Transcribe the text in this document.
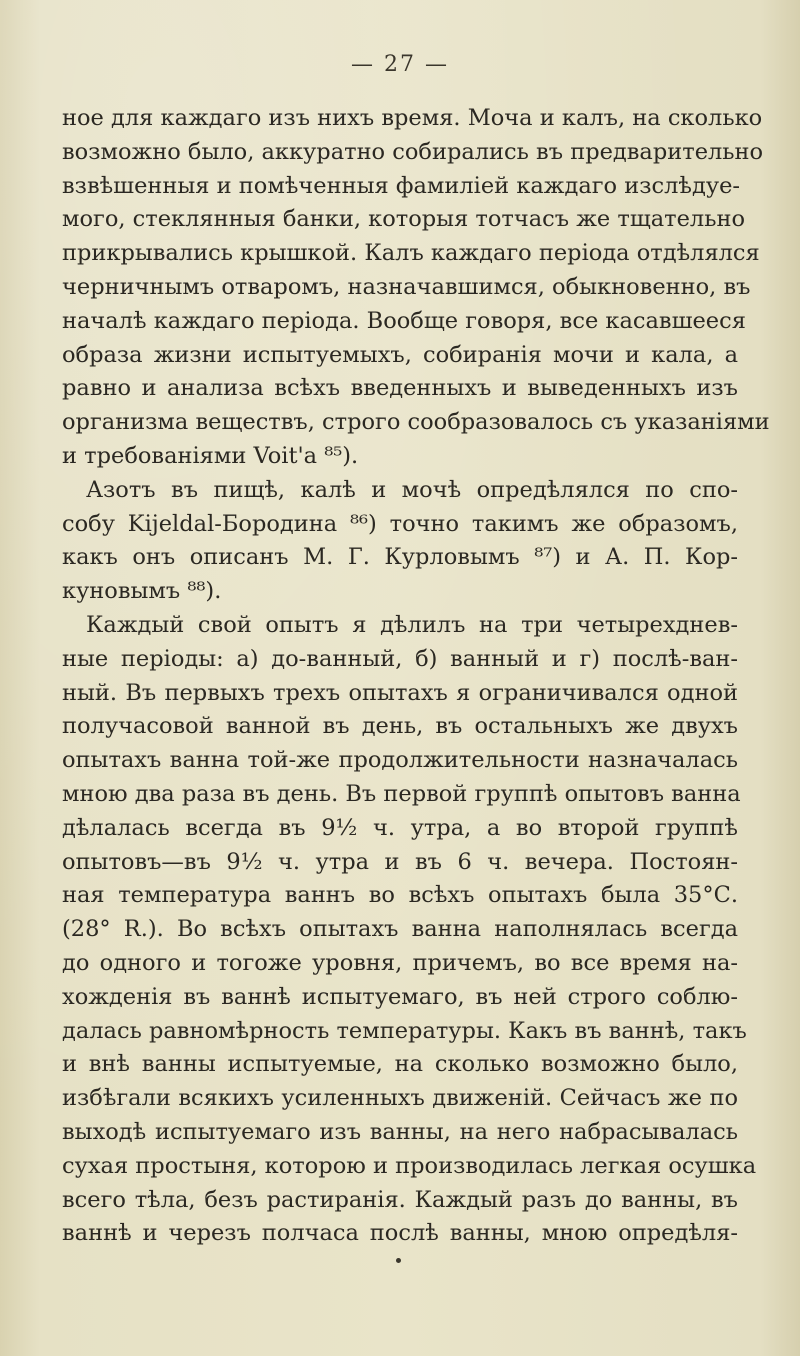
— 27 —
ное для каждаго изъ нихъ время. Моча и калъ, на сколько
возможно было, аккуратно собирались въ предварительно
взвѣшенныя и помѣченныя фамиліей каждаго изслѣдуе-
мого, стеклянныя банки, которыя тотчасъ же тщательно
прикрывались крышкой. Калъ каждаго періода отдѣлялся
черничнымъ отваромъ, назначавшимся, обыкновенно, въ
началѣ каждаго періода. Вообще говоря, все касавшееся
образа жизни испытуемыхъ, собиранія мочи и кала, а
равно и анализа всѣхъ введенныхъ и выведенныхъ изъ
организма веществъ, строго сообразовалось съ указаніями
и требованіями Voit'а ⁸⁵).
Азотъ въ пищѣ, калѣ и мочѣ опредѣлялся по спо-
собу Kijeldal-Бородина ⁸⁶) точно такимъ же образомъ,
какъ онъ описанъ М. Г. Курловымъ ⁸⁷) и А. П. Кор-
куновымъ ⁸⁸).
Каждый свой опытъ я дѣлилъ на три четырехднев-
ные періоды: а) до-ванный, б) ванный и г) послѣ-ван-
ный. Въ первыхъ трехъ опытахъ я ограничивался одной
получасовой ванной въ день, въ остальныхъ же двухъ
опытахъ ванна той-же продолжительности назначалась
мною два раза въ день. Въ первой группѣ опытовъ ванна
дѣлалась всегда въ 9½ ч. утра, а во второй группѣ
опытовъ—въ 9½ ч. утра и въ 6 ч. вечера. Постоян-
ная температура ваннъ во всѣхъ опытахъ была 35°С.
(28° R.). Во всѣхъ опытахъ ванна наполнялась всегда
до одного и тогоже уровня, причемъ, во все время на-
хожденія въ ваннѣ испытуемаго, въ ней строго соблю-
далась равномѣрность температуры. Какъ въ ваннѣ, такъ
и внѣ ванны испытуемые, на сколько возможно было,
избѣгали всякихъ усиленныхъ движеній. Сейчасъ же по
выходѣ испытуемаго изъ ванны, на него набрасывалась
сухая простыня, которою и производилась легкая осушка
всего тѣла, безъ растиранія. Каждый разъ до ванны, въ
ваннѣ и черезъ полчаса послѣ ванны, мною опредѣля-
